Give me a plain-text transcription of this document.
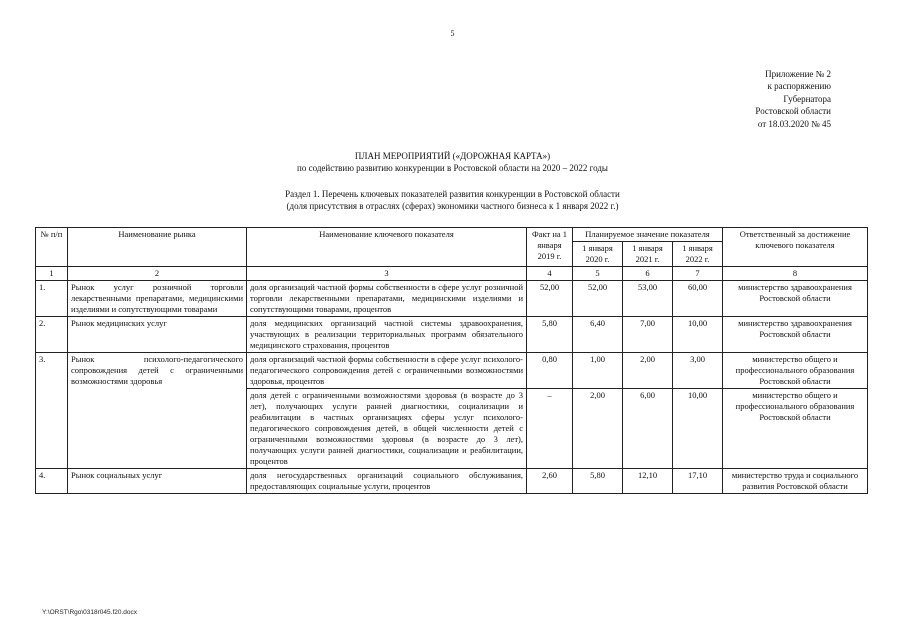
5
Приложение № 2
к распоряжению
Губернатора
Ростовской области
от 18.03.2020 № 45
ПЛАН МЕРОПРИЯТИЙ («ДОРОЖНАЯ КАРТА»)
по содействию развитию конкуренции в Ростовской области на 2020 – 2022 годы
Раздел 1. Перечень ключевых показателей развития конкуренции в Ростовской области
(доля присутствия в отраслях (сферах) экономики частного бизнеса к 1 января 2022 г.)
№ п/п	Наименование рынка	Наименование ключевого показателя	Факт на 1 января 2019 г.	Планируемое значение показателя			Ответственный за достижение ключевого показателя
				1 января 2020 г.	1 января 2021 г.	1 января 2022 г.	
1	2	3	4	5	6	7	8
1.	Рынок услуг розничной торговли лекарственными препаратами, медицинскими изделиями и сопутствующими товарами	доля организаций частной формы собственности в сфере услуг розничной торговли лекарственными препаратами, медицинскими изделиями и сопутствующими товарами, процентов	52,00	52,00	53,00	60,00	министерство здравоохранения Ростовской области
2.	Рынок медицинских услуг	доля медицинских организаций частной системы здравоохранения, участвующих в реализации территориальных программ обязательного медицинского страхования, процентов	5,80	6,40	7,00	10,00	министерство здравоохранения Ростовской области
3.	Рынок психолого-педагогического сопровождения детей с ограниченными возможностями здоровья	доля организаций частной формы собственности в сфере услуг психолого-педагогического сопровождения детей с ограниченными возможностями здоровья, процентов	0,80	1,00	2,00	3,00	министерство общего и профессионального образования Ростовской области
		доля детей с ограниченными возможностями здоровья (в возрасте до 3 лет), получающих услуги ранней диагностики, социализации и реабилитации в частных организациях сферы услуг психолого-педагогического сопровождения детей, в общей численности детей с ограниченными возможностями здоровья (в возрасте до 3 лет), получающих услуги ранней диагностики, социализации и реабилитации, процентов	–	2,00	6,00	10,00	министерство общего и профессионального образования Ростовской области
4.	Рынок социальных услуг	доля негосударственных организаций социального обслуживания, предоставляющих социальные услуги, процентов	2,60	5,80	12,10	17,10	министерство труда и социального развития Ростовской области
Y:\ORST\Rgo\0318r045.f20.docx
